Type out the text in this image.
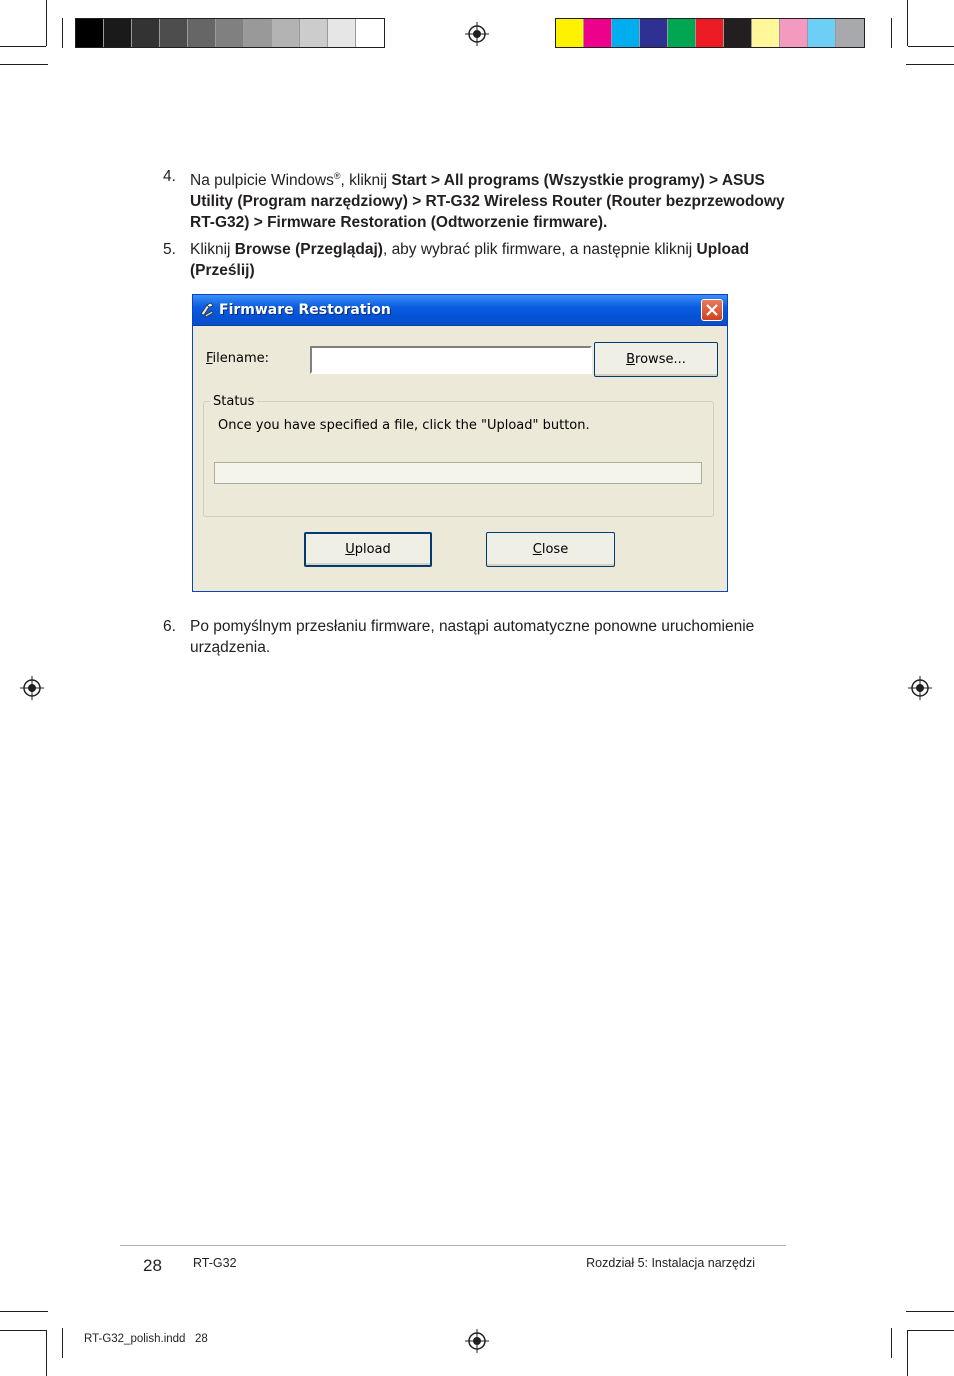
4. Na pulpicie Windows®, kliknij Start > All programs (Wszystkie programy) > ASUS Utility (Program narzędziowy) > RT-G32 Wireless Router (Router bezprzewodowy RT-G32) > Firmware Restoration (Odtworzenie firmware).
5. Kliknij Browse (Przeglądaj), aby wybrać plik firmware, a następnie kliknij Upload (Prześlij)
Firmware Restoration
Filename:	B rowse...
Status
Once you have specified a file, click the "Upload" button.
U pload	C lose
6. Po pomyślnym przesłaniu firmware, nastąpi automatyczne ponowne uruchomienie urządzenia.
28 RT-G32	Rozdział 5: Instalacja narzędzi
RT-G32_polish.indd   28
